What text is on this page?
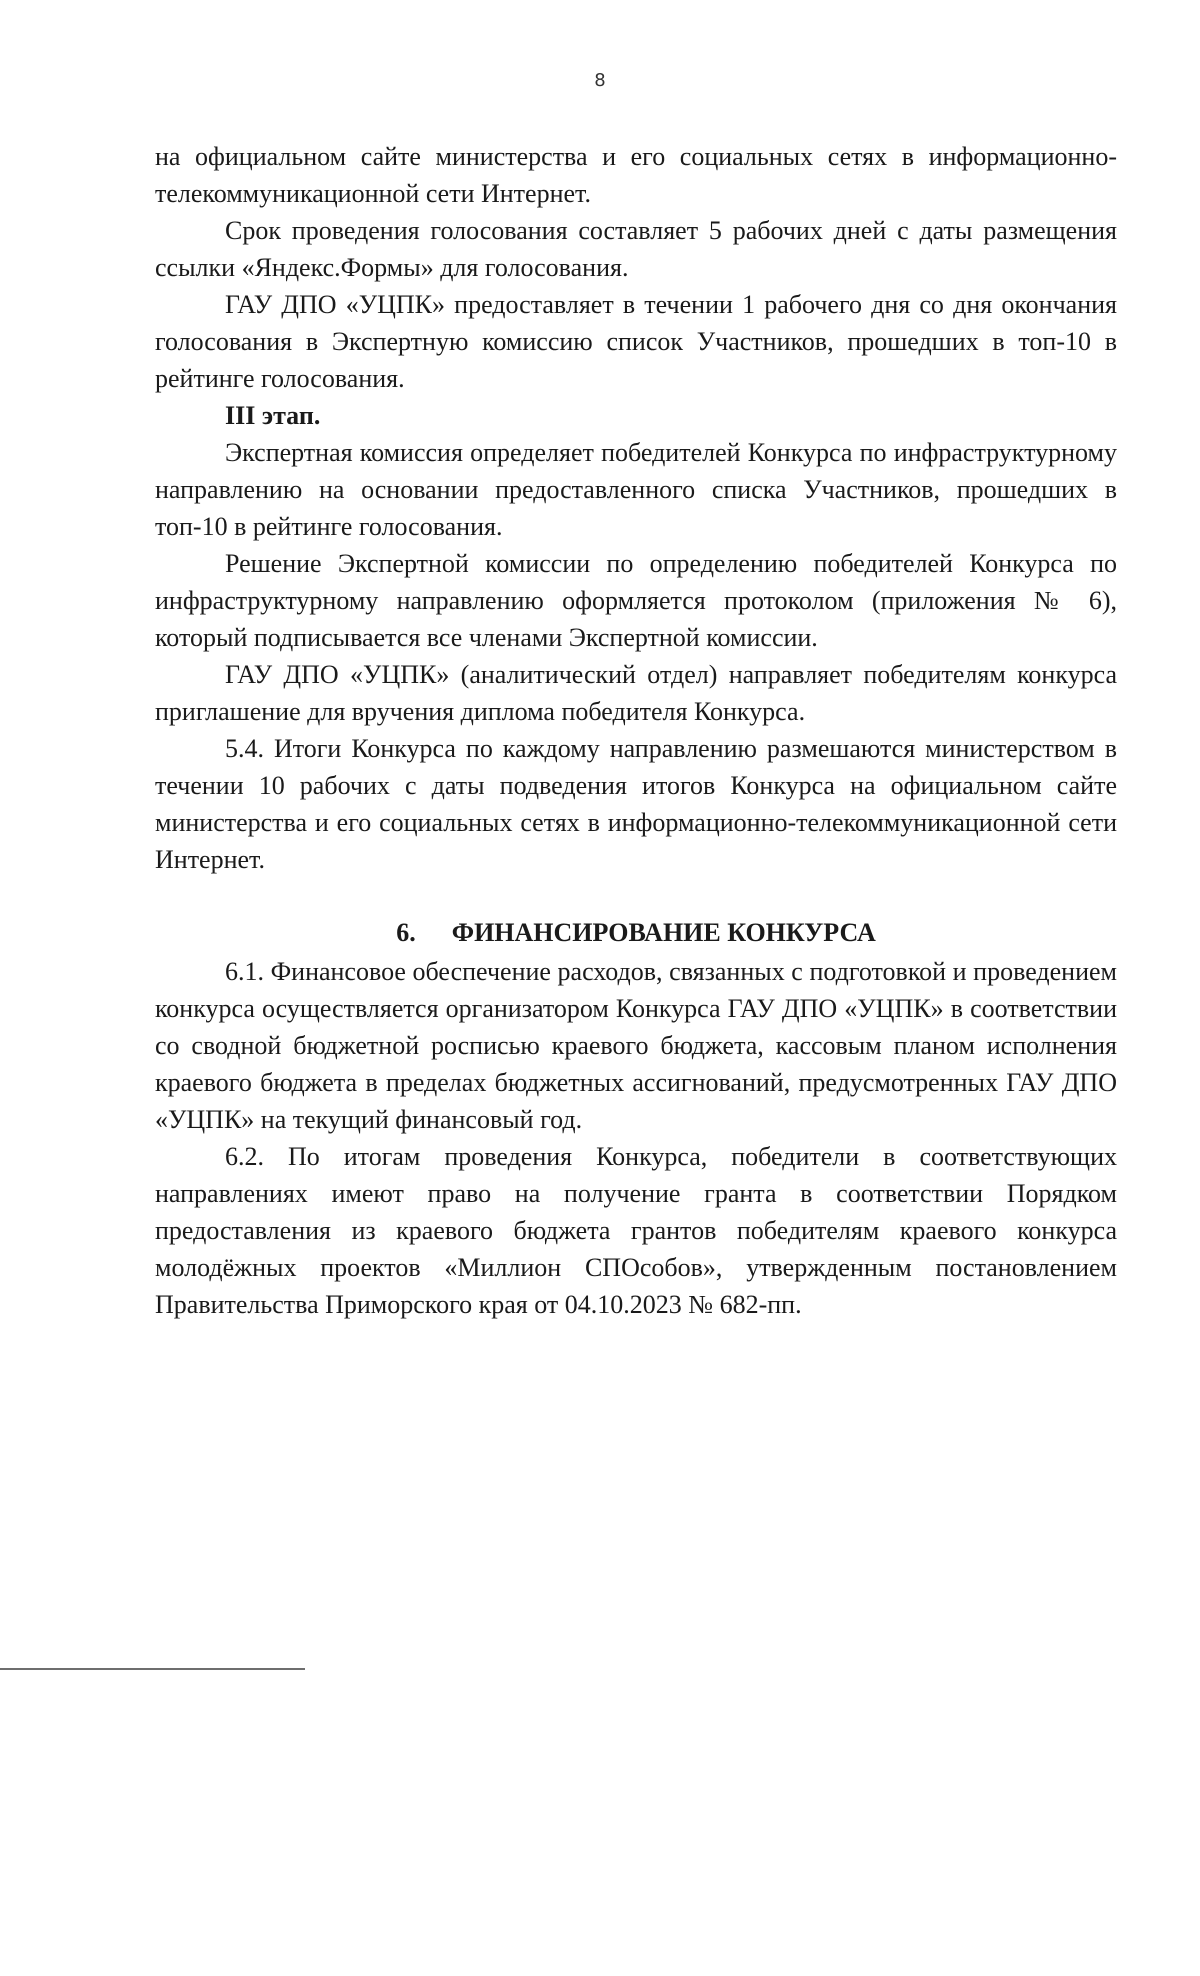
8

на официальном сайте министерства и его социальных сетях в информационно-телекоммуникационной сети Интернет.

Срок проведения голосования составляет 5 рабочих дней с даты размещения ссылки «Яндекс.Формы» для голосования.

ГАУ ДПО «УЦПК» предоставляет в течении 1 рабочего дня со дня окончания голосования в Экспертную комиссию список Участников, прошедших в топ-10 в рейтинге голосования.

III этап.

Экспертная комиссия определяет победителей Конкурса по инфраструктурному направлению на основании предоставленного списка Участников, прошедших в топ-10 в рейтинге голосования.

Решение Экспертной комиссии по определению победителей Конкурса по инфраструктурному направлению оформляется протоколом (приложения № 6), который подписывается все членами Экспертной комиссии.

ГАУ ДПО «УЦПК» (аналитический отдел) направляет победителям конкурса приглашение для вручения диплома победителя Конкурса.

5.4. Итоги Конкурса по каждому направлению размешаются министерством в течении 10 рабочих с даты подведения итогов Конкурса на официальном сайте министерства и его социальных сетях в информационно-телекоммуникационной сети Интернет.

6. ФИНАНСИРОВАНИЕ КОНКУРСА

6.1. Финансовое обеспечение расходов, связанных с подготовкой и проведением конкурса осуществляется организатором Конкурса ГАУ ДПО «УЦПК» в соответствии со сводной бюджетной росписью краевого бюджета, кассовым планом исполнения краевого бюджета в пределах бюджетных ассигнований, предусмотренных ГАУ ДПО «УЦПК» на текущий финансовый год.

6.2. По итогам проведения Конкурса, победители в соответствующих направлениях имеют право на получение гранта в соответствии Порядком предоставления из краевого бюджета грантов победителям краевого конкурса молодёжных проектов «Миллион СПОсобов», утвержденным постановлением Правительства Приморского края от 04.10.2023 № 682-пп.
